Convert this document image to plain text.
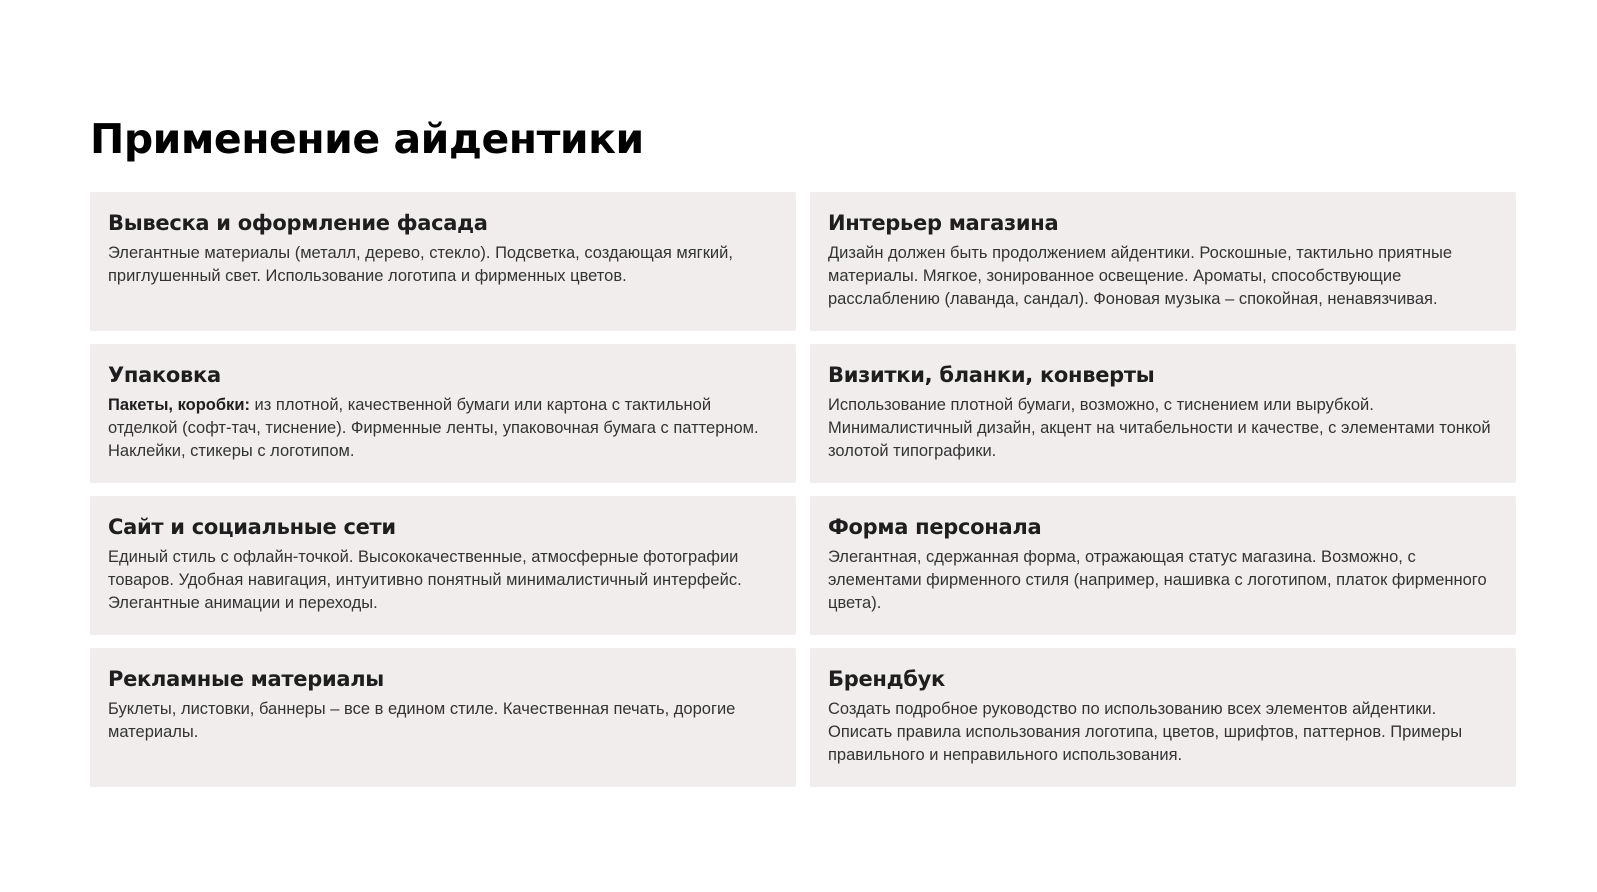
Применение айдентики
Вывеска и оформление фасада

Элегантные материалы (металл, дерево, стекло). Подсветка, создающая мягкий, приглушенный свет. Использование логотипа и фирменных цветов.

Интерьер магазина

Дизайн должен быть продолжением айдентики. Роскошные, тактильно приятные материалы. Мягкое, зонированное освещение. Ароматы, способствующие расслаблению (лаванда, сандал). Фоновая музыка – спокойная, ненавязчивая.

Упаковка

Пакеты, коробки: из плотной, качественной бумаги или картона с тактильной отделкой (софт-тач, тиснение). Фирменные ленты, упаковочная бумага с паттерном. Наклейки, стикеры с логотипом.

Визитки, бланки, конверты

Использование плотной бумаги, возможно, с тиснением или вырубкой. Минималистичный дизайн, акцент на читабельности и качестве, с элементами тонкой золотой типографики.

Сайт и социальные сети

Единый стиль с офлайн-точкой. Высококачественные, атмосферные фотографии товаров. Удобная навигация, интуитивно понятный минималистичный интерфейс. Элегантные анимации и переходы.

Форма персонала

Элегантная, сдержанная форма, отражающая статус магазина. Возможно, с элементами фирменного стиля (например, нашивка с логотипом, платок фирменного цвета).

Рекламные материалы

Буклеты, листовки, баннеры – все в едином стиле. Качественная печать, дорогие материалы.

Брендбук

Создать подробное руководство по использованию всех элементов айдентики. Описать правила использования логотипа, цветов, шрифтов, паттернов. Примеры правильного и неправильного использования.
